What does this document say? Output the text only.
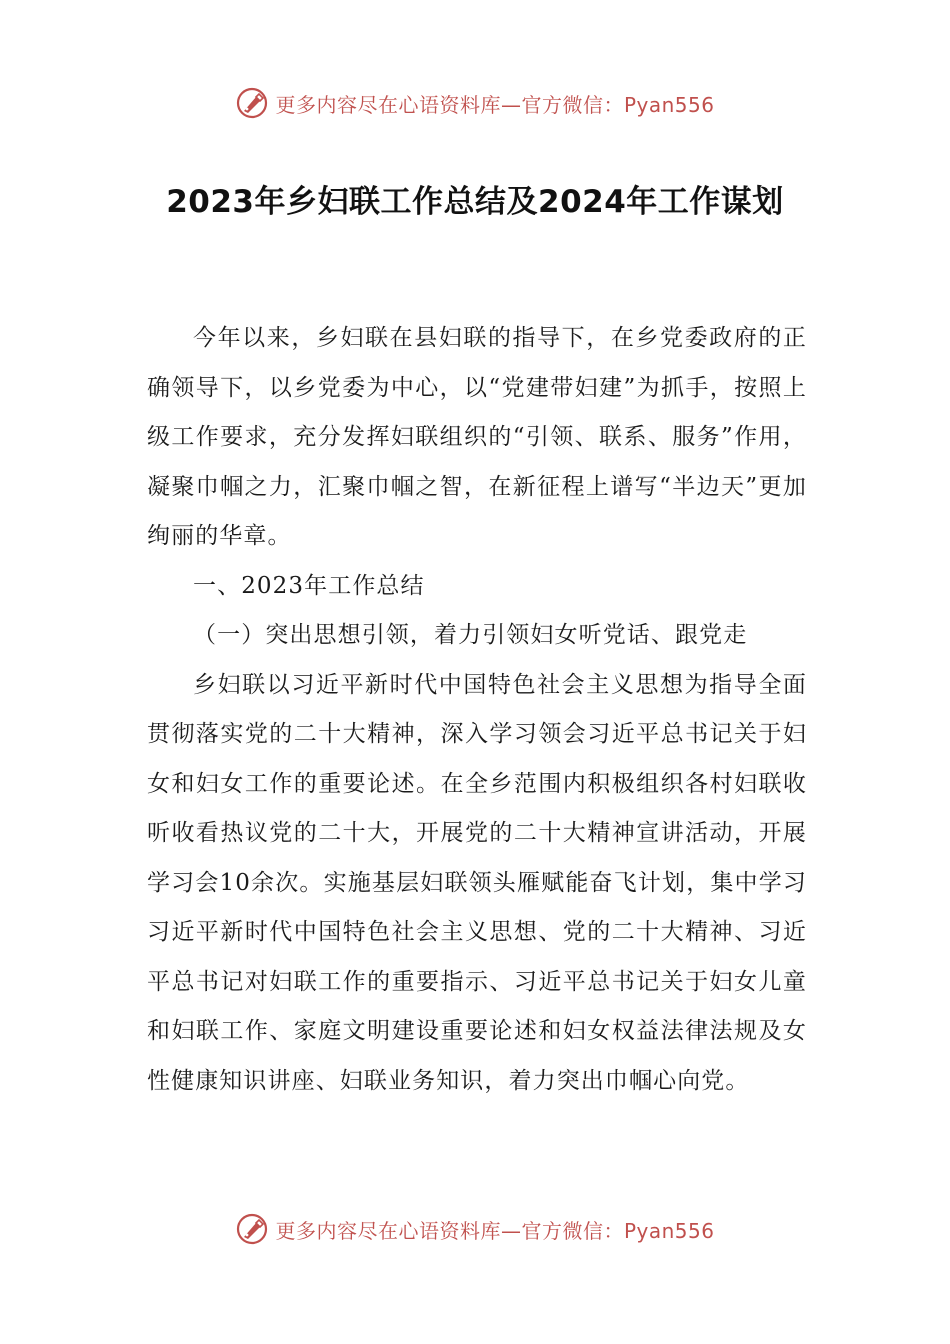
更多内容尽在心语资料库—官方微信：Pyan556
2023年乡妇联工作总结及2024年工作谋划

今年以来，乡妇联在县妇联的指导下，在乡党委政府的正确领导下，以乡党委为中心，以“党建带妇建”为抓手，按照上级工作要求，充分发挥妇联组织的“引领、联系、服务”作用，凝聚巾帼之力，汇聚巾帼之智，在新征程上谱写“半边天”更加绚丽的华章。

一、2023年工作总结

（一）突出思想引领，着力引领妇女听党话、跟党走

乡妇联以习近平新时代中国特色社会主义思想为指导全面贯彻落实党的二十大精神，深入学习领会习近平总书记关于妇女和妇女工作的重要论述。在全乡范围内积极组织各村妇联收听收看热议党的二十大，开展党的二十大精神宣讲活动，开展学习会10余次。实施基层妇联领头雁赋能奋飞计划，集中学习习近平新时代中国特色社会主义思想、党的二十大精神、习近平总书记对妇联工作的重要指示、习近平总书记关于妇女儿童和妇联工作、家庭文明建设重要论述和妇女权益法律法规及女性健康知识讲座、妇联业务知识，着力突出巾帼心向党。

更多内容尽在心语资料库—官方微信：Pyan556
